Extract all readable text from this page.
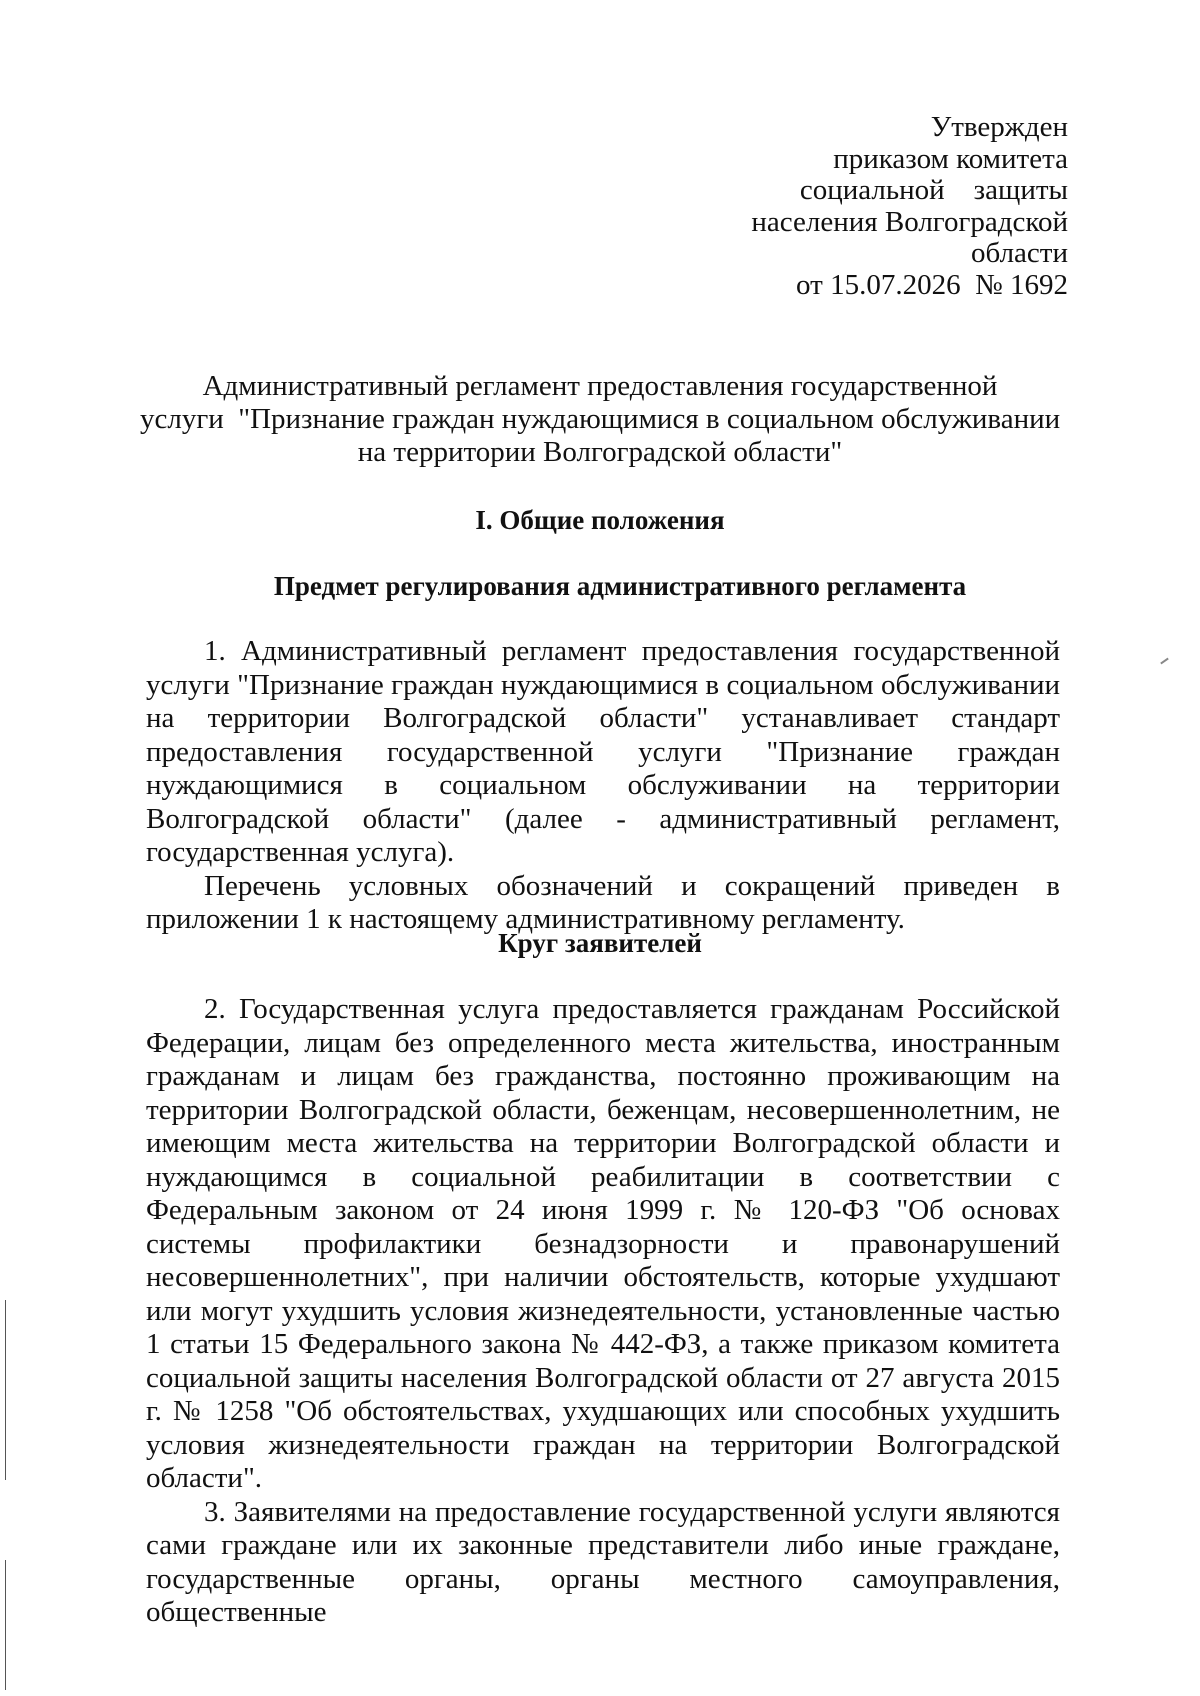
Утвержден
приказом комитета
социальной    защиты
населения Волгоградской
области
от 15.07.2026  № 1692
Административный регламент предоставления государственной
услуги  "Признание граждан нуждающимися в социальном обслуживании
на территории Волгоградской области"
I. Общие положения
Предмет регулирования административного регламента

1. Административный регламент предоставления государственной услуги "Признание граждан нуждающимися в социальном обслуживании на территории Волгоградской области" устанавливает стандарт предоставления государственной услуги "Признание граждан нуждающимися в социальном обслуживании на территории Волгоградской области" (далее - административный регламент, государственная услуга).

Перечень условных обозначений и сокращений приведен в приложении 1 к настоящему административному регламенту.

Круг заявителей

2. Государственная услуга предоставляется гражданам Российской Федерации, лицам без определенного места жительства, иностранным гражданам и лицам без гражданства, постоянно проживающим на территории Волгоградской области, беженцам, несовершеннолетним, не имеющим места жительства на территории Волгоградской области и нуждающимся в социальной реабилитации в соответствии с Федеральным законом от 24 июня 1999 г. № 120-ФЗ "Об основах системы профилактики безнадзорности и правонарушений несовершеннолетних", при наличии обстоятельств, которые ухудшают или могут ухудшить условия жизнедеятельности, установленные частью 1 статьи 15 Федерального закона № 442-ФЗ, а также приказом комитета социальной защиты населения Волгоградской области от 27 августа 2015 г. № 1258 "Об обстоятельствах, ухудшающих или способных ухудшить условия жизнедеятельности граждан на территории Волгоградской области".

3. Заявителями на предоставление государственной услуги являются сами граждане или их законные представители либо иные граждане, государственные органы, органы местного самоуправления, общественные
